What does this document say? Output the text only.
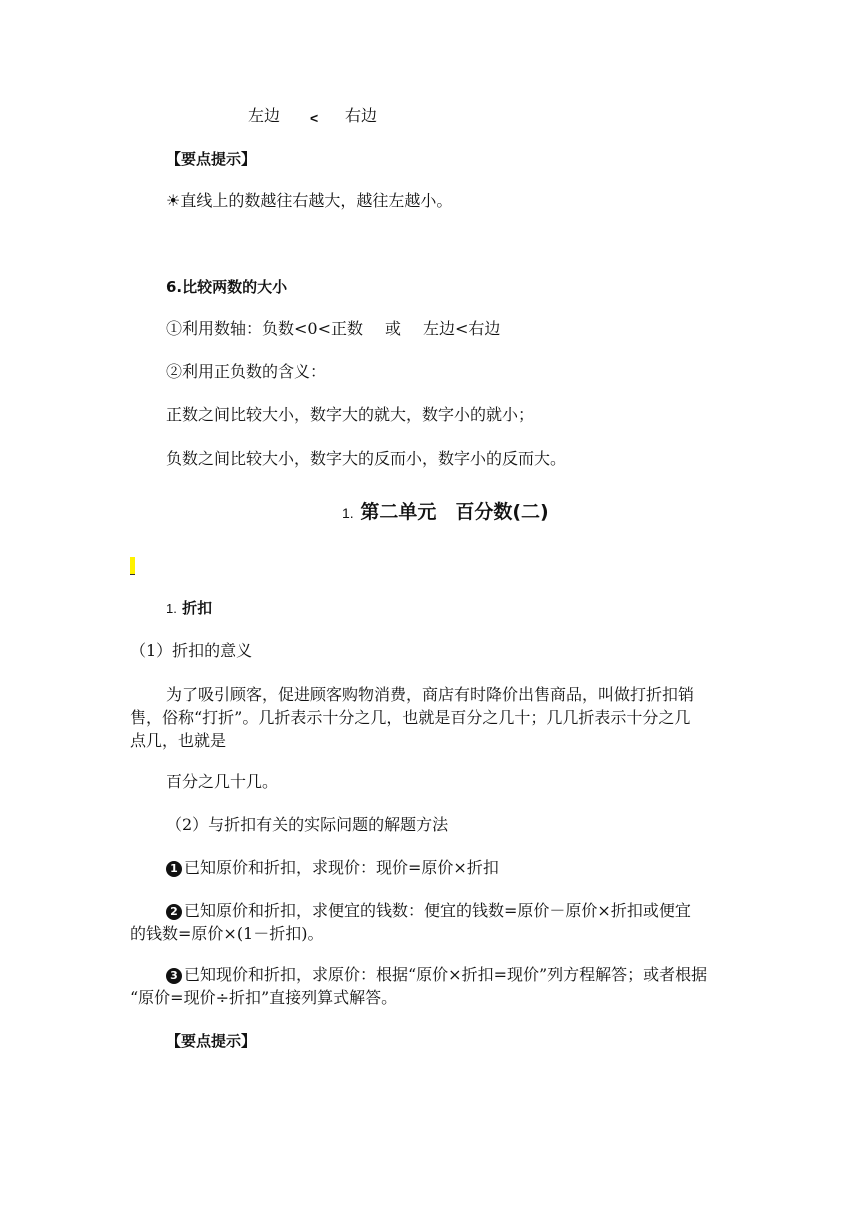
左边 < 右边
【要点提示】
☀直线上的数越往右越大，越往左越小。
6.比较两数的大小
①利用数轴：负数<0<正数 或 左边<右边
②利用正负数的含义：
正数之间比较大小，数字大的就大，数字小的就小；
负数之间比较大小，数字大的反而小，数字小的反而大。
1. 第二单元　百分数(二)
1. 折扣
（1）折扣的意义
为了吸引顾客，促进顾客购物消费，商店有时降价出售商品，叫做打折扣销
售，俗称“打折”。几折表示十分之几，也就是百分之几十；几几折表示十分之几
点几，也就是
百分之几十几。
（2）与折扣有关的实际问题的解题方法
1 已知原价和折扣，求现价：现价=原价×折扣
2 已知原价和折扣，求便宜的钱数：便宜的钱数=原价－原价×折扣或便宜
的钱数=原价×(1－折扣)。
3 已知现价和折扣，求原价：根据“原价×折扣=现价”列方程解答；或者根据
“原价=现价÷折扣”直接列算式解答。
【要点提示】
